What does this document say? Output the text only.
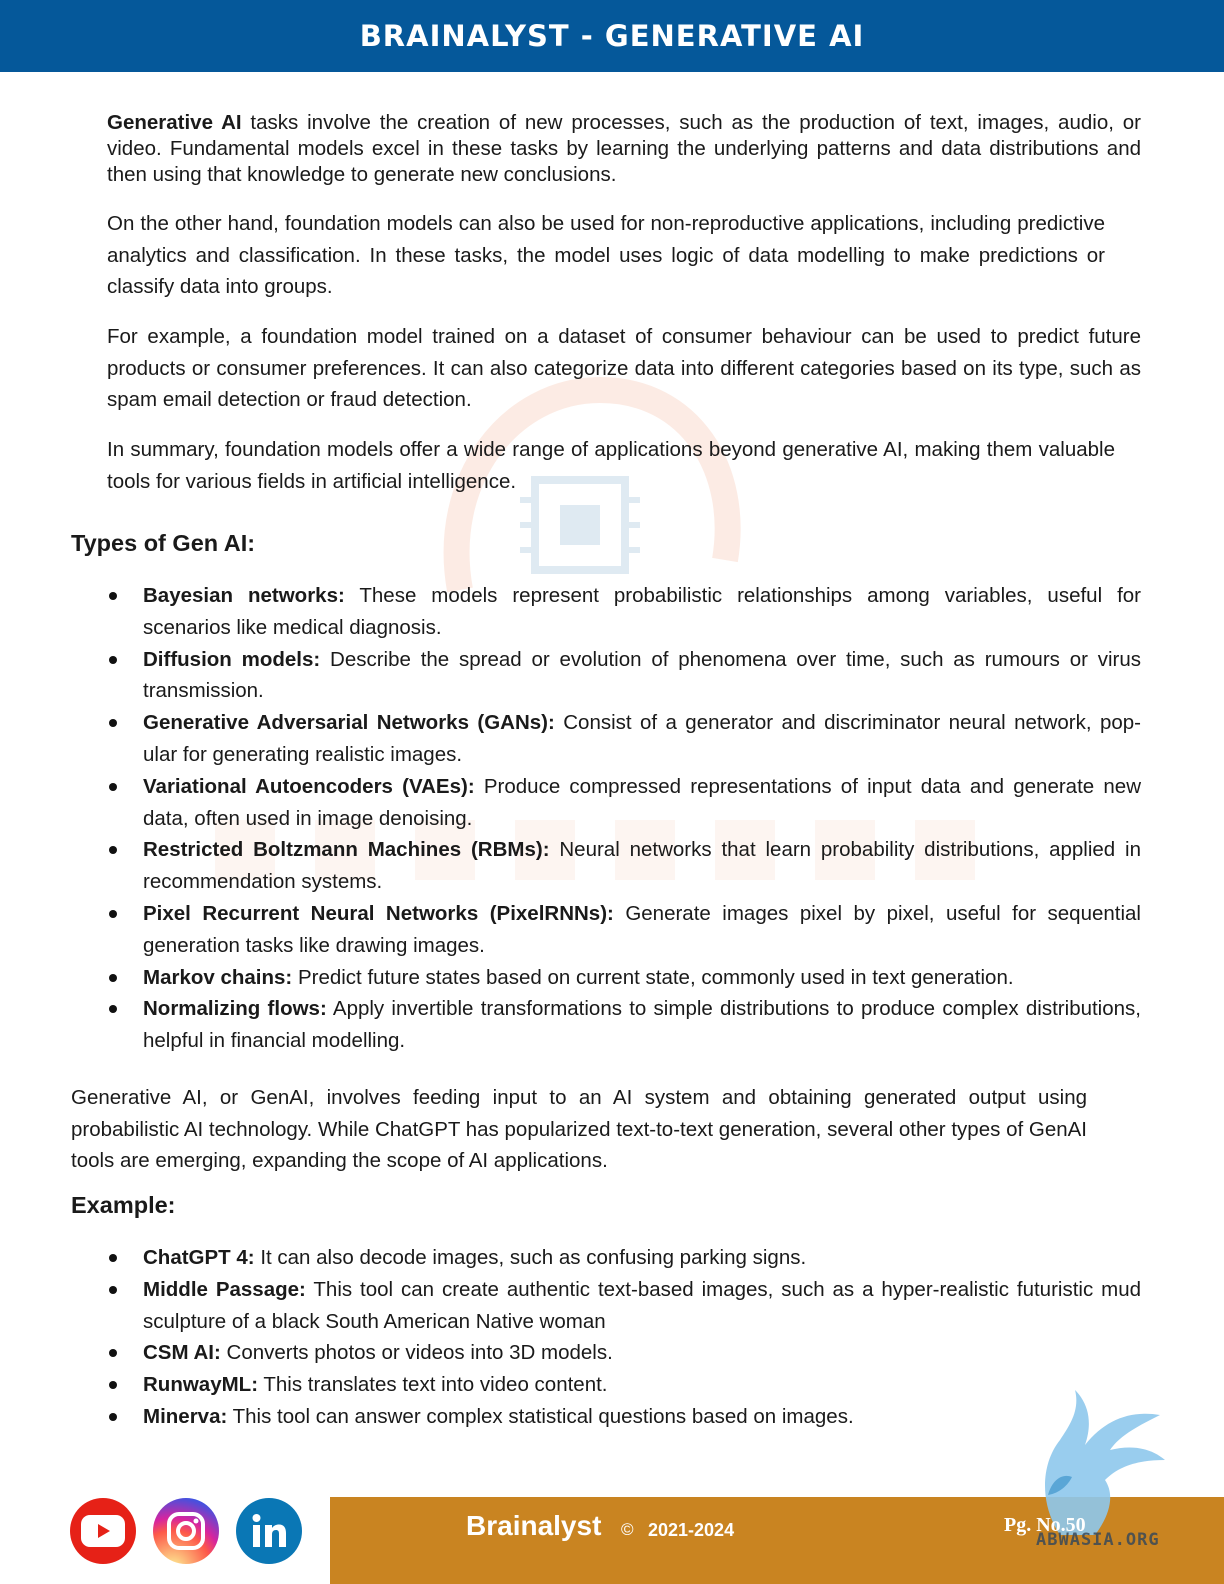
BRAINALYST - GENERATIVE AI

Generative AI tasks involve the creation of new processes, such as the production of text, images, audio, or video. Fundamental models excel in these tasks by learning the underlying patterns and data distributions and then using that knowledge to generate new conclusions.

On the other hand, foundation models can also be used for non-reproductive applications, including predictive analytics and classification. In these tasks, the model uses logic of data modelling to make predictions or classify data into groups.

For example, a foundation model trained on a dataset of consumer behaviour can be used to predict future products or consumer preferences. It can also categorize data into different categories based on its type, such as spam email detection or fraud detection.

In summary, foundation models offer a wide range of applications beyond generative AI, making them valuable tools for various fields in artificial intelligence.

Types of Gen AI:
Bayesian networks: These models represent probabilistic relationships among variables, useful for scenarios like medical diagnosis.
Diffusion models: Describe the spread or evolution of phenomena over time, such as rumours or virus transmission.
Generative Adversarial Networks (GANs): Consist of a generator and discriminator neural network, pop-ular for generating realistic images.
Variational Autoencoders (VAEs): Produce compressed representations of input data and generate new data, often used in image denoising.
Restricted Boltzmann Machines (RBMs): Neural networks that learn probability distributions, applied in recommendation systems.
Pixel Recurrent Neural Networks (PixelRNNs): Generate images pixel by pixel, useful for sequential generation tasks like drawing images.
Markov chains: Predict future states based on current state, commonly used in text generation.
Normalizing flows: Apply invertible transformations to simple distributions to produce complex distributions, helpful in financial modelling.

Generative AI, or GenAI, involves feeding input to an AI system and obtaining generated output using probabilistic AI technology. While ChatGPT has popularized text-to-text generation, several other types of GenAI tools are emerging, expanding the scope of AI applications.

Example:
ChatGPT 4: It can also decode images, such as confusing parking signs.
Middle Passage: This tool can create authentic text-based images, such as a hyper-realistic futuristic mud sculpture of a black South American Native woman
CSM AI: Converts photos or videos into 3D models.
RunwayML: This translates text into video content.
Minerva: This tool can answer complex statistical questions based on images.
Brainalyst © 2021-2024	Pg. No.50
ABWASIA.ORG
